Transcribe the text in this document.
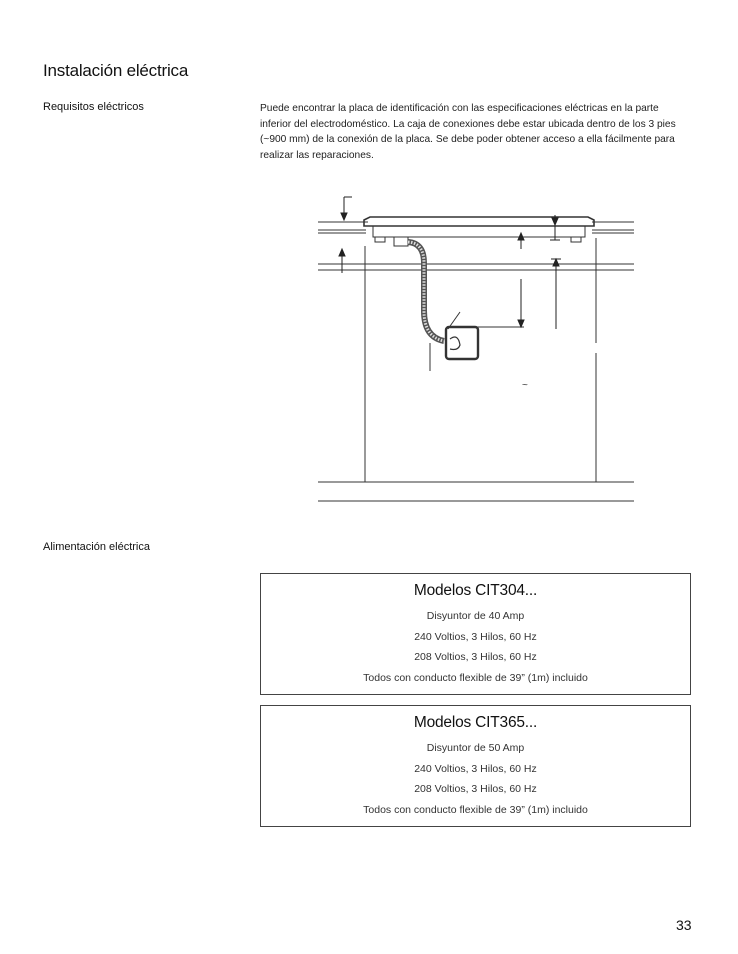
Instalación eléctrica
Requisitos eléctricos	Puede encontrar la placa de identificación con las especificaciones eléctricas en la parte inferior del electrodoméstico. La caja de conexiones debe estar ubicada dentro de los 3 pies (~900 mm) de la conexión de la placa. Se debe poder obtener acceso a ella fácilmente para realizar las reparaciones.
~
Alimentación eléctrica
Modelos CIT304...
Disyuntor de 40 Amp
240 Voltios, 3 Hilos, 60 Hz
208 Voltios, 3 Hilos, 60 Hz
Todos con conducto flexible de 39” (1m) incluido
Modelos CIT365...
Disyuntor de 50 Amp
240 Voltios, 3 Hilos, 60 Hz
208 Voltios, 3 Hilos, 60 Hz
Todos con conducto flexible de 39” (1m) incluido
33
